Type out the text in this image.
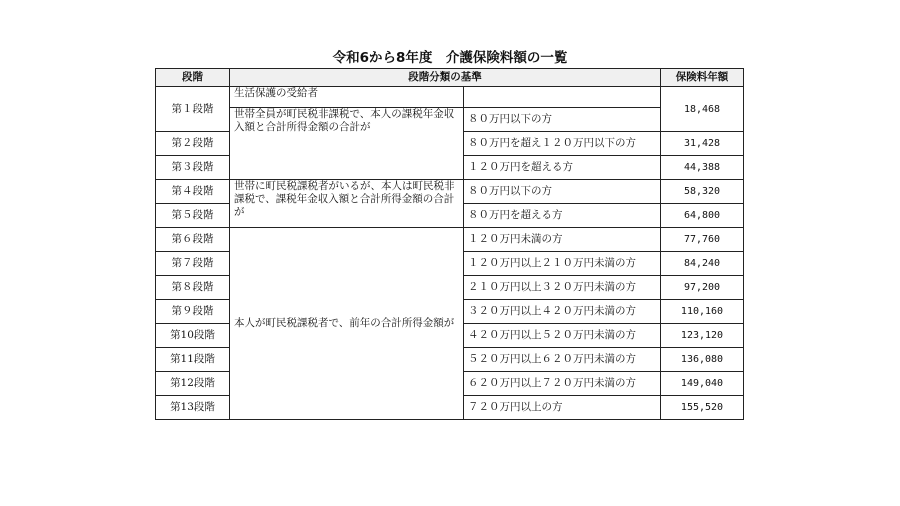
令和6から8年度　介護保険料額の一覧
段階	段階分類の基準		保険料年額
第１段階	生活保護の受給者		18,468
	世帯全員が町民税非課税で、本人の課税年金収入額と合計所得金額の合計が	８０万円以下の方	
第２段階		８０万円を超え１２０万円以下の方	31,428
第３段階		１２０万円を超える方	44,388
第４段階	世帯に町民税課税者がいるが、本人は町民税非課税で、課税年金収入額と合計所得金額の合計が	８０万円以下の方	58,320
第５段階		８０万円を超える方	64,800
第６段階	本人が町民税課税者で、前年の合計所得金額が	１２０万円未満の方	77,760
第７段階		１２０万円以上２１０万円未満の方	84,240
第８段階		２１０万円以上３２０万円未満の方	97,200
第９段階		３２０万円以上４２０万円未満の方	110,160
第10段階		４２０万円以上５２０万円未満の方	123,120
第11段階		５２０万円以上６２０万円未満の方	136,080
第12段階		６２０万円以上７２０万円未満の方	149,040
第13段階		７２０万円以上の方	155,520
